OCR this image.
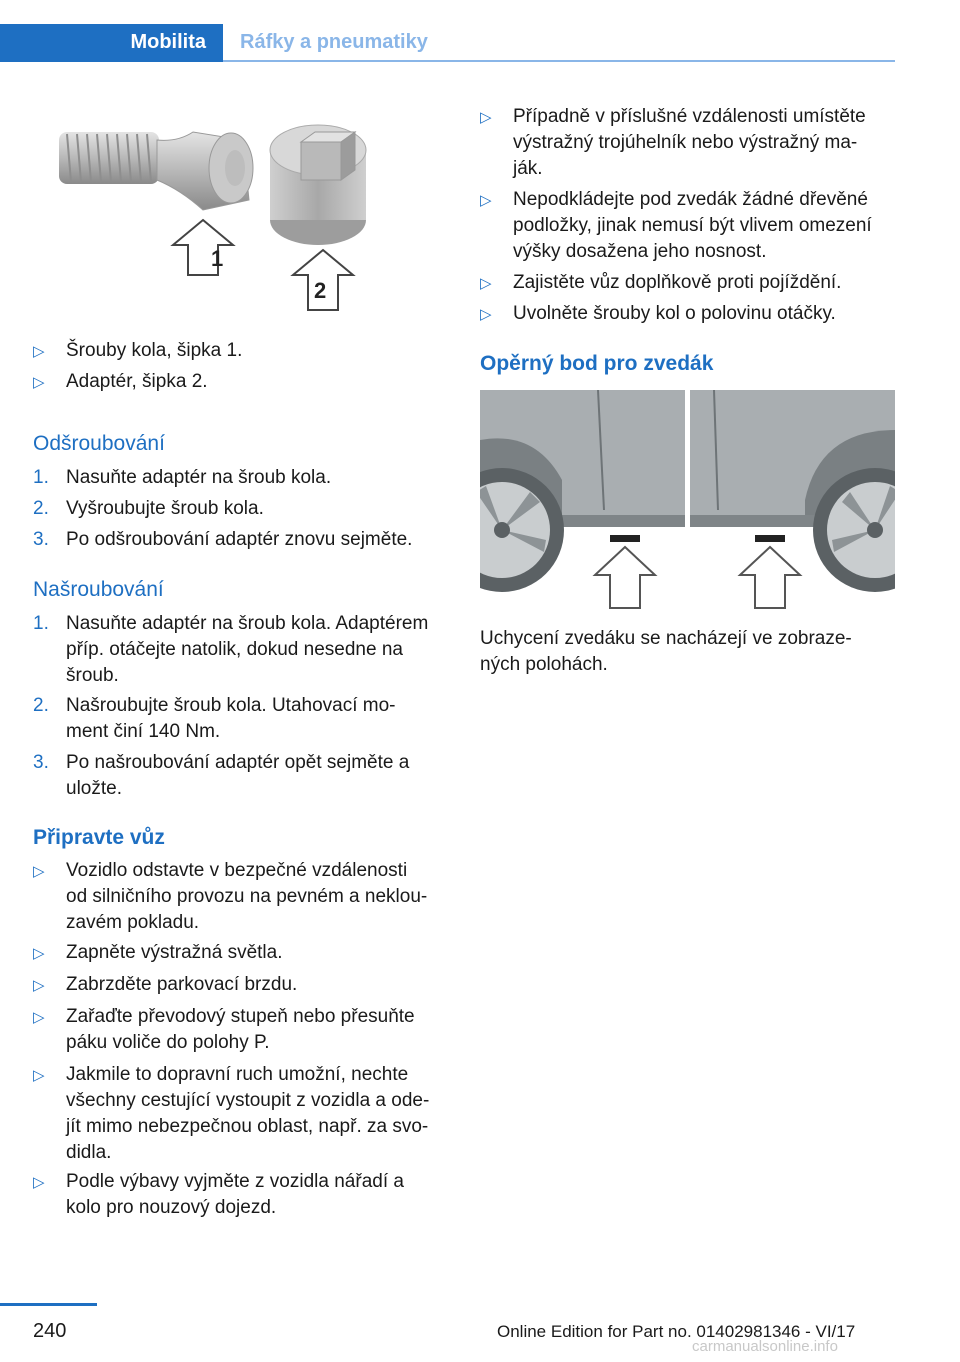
Mobilita Ráfky a pneumatiky
1
2
▷ Šrouby kola, šipka 1.
▷ Adaptér, šipka 2.
Odšroubování
1. Nasuňte adaptér na šroub kola.
2. Vyšroubujte šroub kola.
3. Po odšroubování adaptér znovu sejměte.
Našroubování
1. Nasuňte adaptér na šroub kola. Adaptérem
příp. otáčejte natolik, dokud nesedne na
šroub.
2. Našroubujte šroub kola. Utahovací mo‐
ment činí 140 Nm.
3. Po našroubování adaptér opět sejměte a
uložte.
Připravte vůz
▷ Vozidlo odstavte v bezpečné vzdálenosti
od silničního provozu na pevném a neklou‐
zavém pokladu.
▷ Zapněte výstražná světla.
▷ Zabrzděte parkovací brzdu.
▷ Zařaďte převodový stupeň nebo přesuňte
páku voliče do polohy P.
▷ Jakmile to dopravní ruch umožní, nechte
všechny cestující vystoupit z vozidla a ode‐
jít mimo nebezpečnou oblast, např. za svo‐
didla.
▷ Podle výbavy vyjměte z vozidla nářadí a
kolo pro nouzový dojezd.
▷ Případně v příslušné vzdálenosti umístěte
výstražný trojúhelník nebo výstražný ma‐
ják.
▷ Nepodkládejte pod zvedák žádné dřevěné
podložky, jinak nemusí být vlivem omezení
výšky dosažena jeho nosnost.
▷ Zajistěte vůz doplňkově proti pojíždění.
▷ Uvolněte šrouby kol o polovinu otáčky.
Opěrný bod pro zvedák
Uchycení zvedáku se nacházejí ve zobraze‐
ných polohách.
240	Online Edition for Part no. 01402981346 - VI/17
carmanualsonline.info
